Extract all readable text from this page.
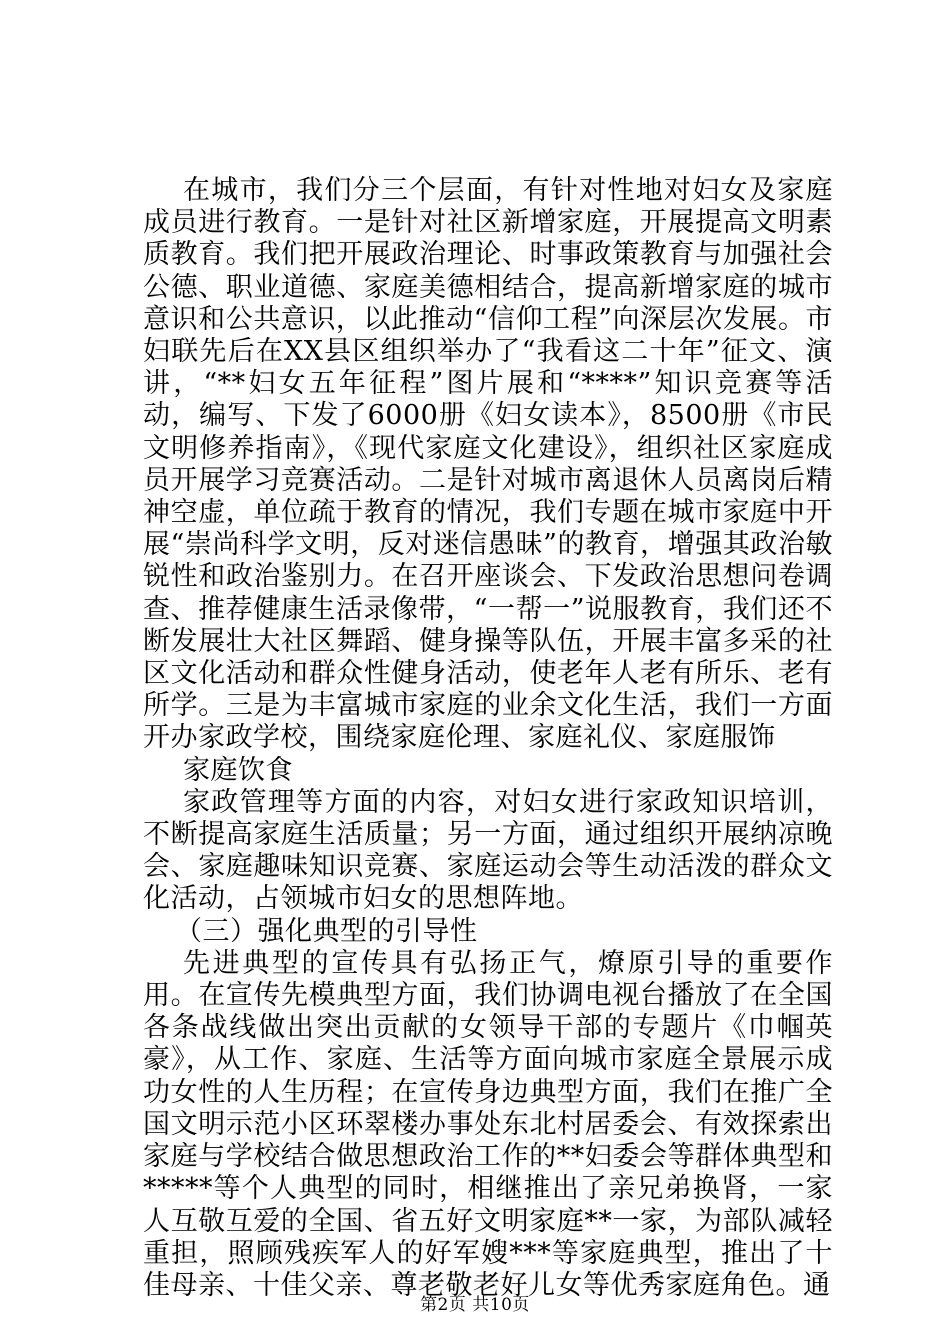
在城市，我们分三个层面，有针对性地对妇女及家庭成员进行教育。一是针对社区新增家庭，开展提高文明素质教育。我们把开展政治理论、时事政策教育与加强社会公德、职业道德、家庭美德相结合，提高新增家庭的城市意识和公共意识，以此推动“信仰工程”向深层次发展。市妇联先后在XX县区组织举办了“我看这二十年”征文、演讲，“**妇女五年征程”图片展和“****”知识竞赛等活动，编写、下发了6000册《妇女读本》，8500册《市民文明修养指南》，《现代家庭文化建设》，组织社区家庭成员开展学习竞赛活动。二是针对城市离退休人员离岗后精神空虚，单位疏于教育的情况，我们专题在城市家庭中开展“崇尚科学文明，反对迷信愚昧”的教育，增强其政治敏锐性和政治鉴别力。在召开座谈会、下发政治思想问卷调查、推荐健康生活录像带，“一帮一”说服教育，我们还不断发展壮大社区舞蹈、健身操等队伍，开展丰富多采的社区文化活动和群众性健身活动，使老年人老有所乐、老有所学。三是为丰富城市家庭的业余文化生活，我们一方面开办家政学校，围绕家庭伦理、家庭礼仪、家庭服饰

家庭饮食

家政管理等方面的内容，对妇女进行家政知识培训，不断提高家庭生活质量；另一方面，通过组织开展纳凉晚会、家庭趣味知识竞赛、家庭运动会等生动活泼的群众文化活动，占领城市妇女的思想阵地。

（三）强化典型的引导性

先进典型的宣传具有弘扬正气，燎原引导的重要作用。在宣传先模典型方面，我们协调电视台播放了在全国各条战线做出突出贡献的女领导干部的专题片《巾帼英豪》，从工作、家庭、生活等方面向城市家庭全景展示成功女性的人生历程；在宣传身边典型方面，我们在推广全国文明示范小区环翠楼办事处东北村居委会、有效探索出家庭与学校结合做思想政治工作的**妇委会等群体典型和*****等个人典型的同时，相继推出了亲兄弟换肾，一家人互敬互爱的全国、省五好文明家庭**一家，为部队减轻重担，照顾残疾军人的好军嫂***等家庭典型，推出了十佳母亲、十佳父亲、尊老敬老好儿女等优秀家庭角色。通

第2页 共10页
